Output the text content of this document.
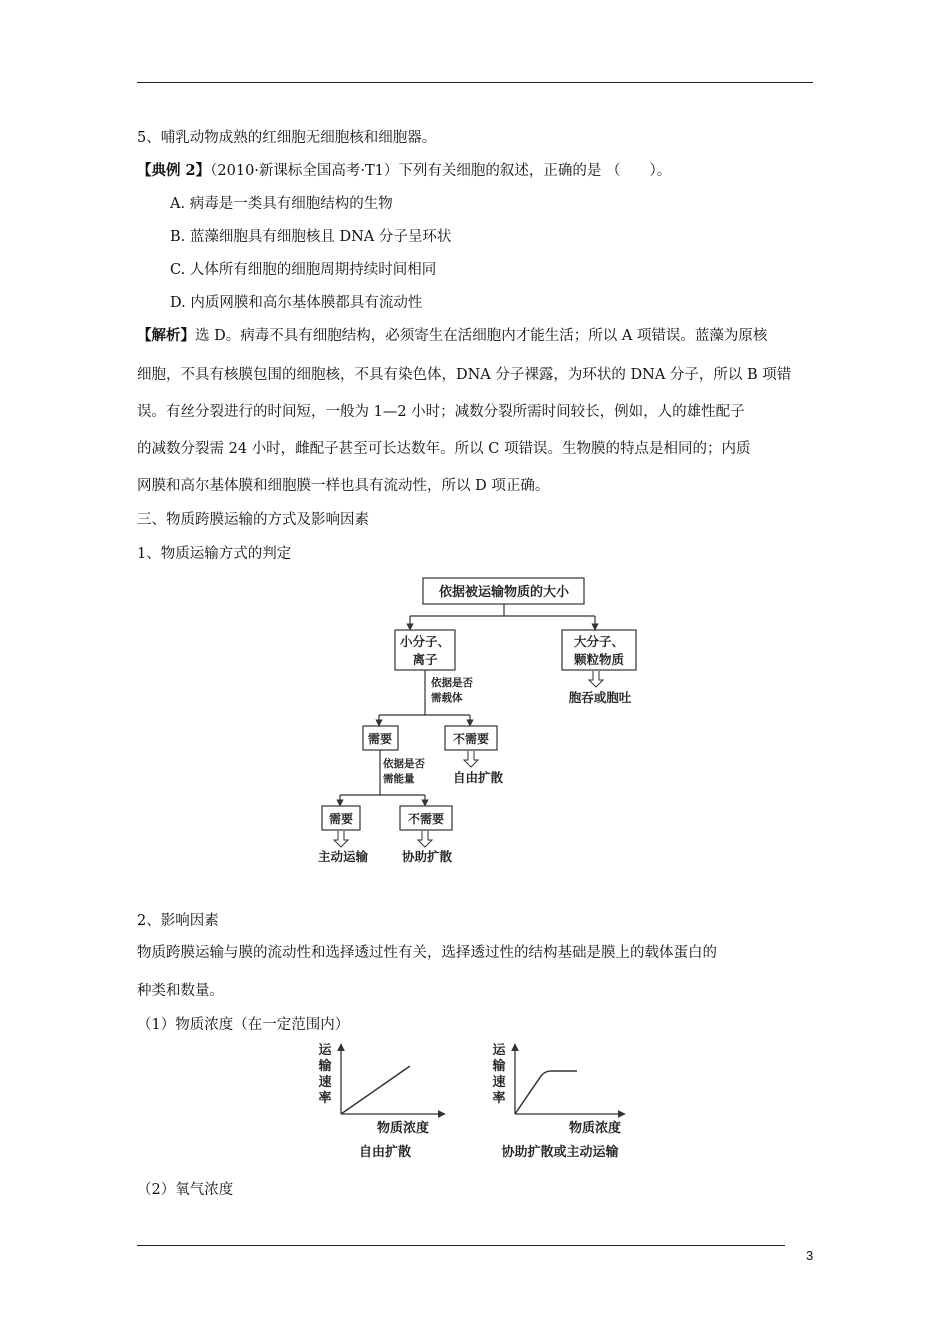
5、哺乳动物成熟的红细胞无细胞核和细胞器。
【典例 2】（2010·新课标全国高考·T1）下列有关细胞的叙述，正确的是 （　　）。
A. 病毒是一类具有细胞结构的生物
B. 蓝藻细胞具有细胞核且 DNA 分子呈环状
C. 人体所有细胞的细胞周期持续时间相同
D. 内质网膜和高尔基体膜都具有流动性
【解析】选 D。病毒不具有细胞结构，必须寄生在活细胞内才能生活；所以 A 项错误。蓝藻为原核
细胞，不具有核膜包围的细胞核，不具有染色体，DNA 分子裸露，为环状的 DNA 分子，所以 B 项错
误。有丝分裂进行的时间短，一般为 1—2 小时；减数分裂所需时间较长，例如，人的雄性配子
的减数分裂需 24 小时，雌配子甚至可长达数年。所以 C 项错误。生物膜的特点是相同的；内质
网膜和高尔基体膜和细胞膜一样也具有流动性，所以 D 项正确。
三、物质跨膜运输的方式及影响因素
1、物质运输方式的判定
依据被运输物质的大小
小分子、
离子
大分子、
颗粒物质
胞吞或胞吐
依据是否
需载体
需要	不需要
自由扩散
依据是否
需能量
需要	不需要
主动运输	协助扩散
2、影响因素
物质跨膜运输与膜的流动性和选择透过性有关，选择透过性的结构基础是膜上的载体蛋白的
种类和数量。
（1）物质浓度（在一定范围内）
运
输
速
率
物质浓度
自由扩散
运
输
速
率
物质浓度
协助扩散或主动运输
（2）氧气浓度
3
